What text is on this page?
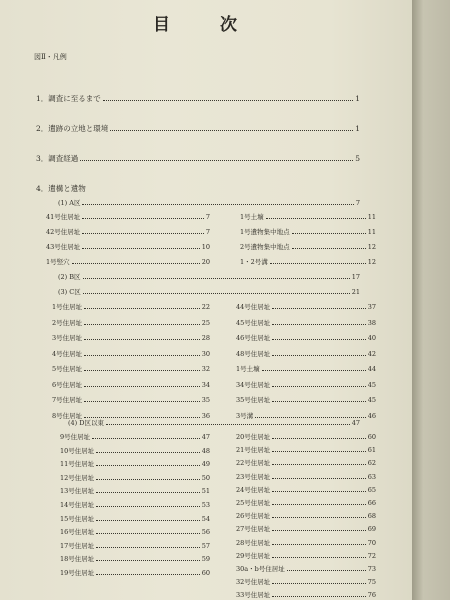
目 次
図Ⅱ・凡例
1．調査に至るまで	1
2．遺跡の立地と環境	1
3．調査経過	5
4．遺構と遺物
(1) A区	7
41号住居址	7
42号住居址	7
43号住居址	10
1号竪穴	20
1号土壙	11
1号遺物集中地点	11
2号遺物集中地点	12
1・2号溝	12
(2) B区	17
(3) C区	21
1号住居址	22
2号住居址	25
3号住居址	28
4号住居址	30
5号住居址	32
6号住居址	34
7号住居址	35
8号住居址	36
44号住居址	37
45号住居址	38
46号住居址	40
48号住居址	42
1号土壙	44
34号住居址	45
35号住居址	45
3号溝	46
(4) D区以東	47
9号住居址	47
10号住居址	48
11号住居址	49
12号住居址	50
13号住居址	51
14号住居址	53
15号住居址	54
16号住居址	56
17号住居址	57
18号住居址	59
19号住居址	60
20号住居址	60
21号住居址	61
22号住居址	62
23号住居址	63
24号住居址	65
25号住居址	66
26号住居址	68
27号住居址	69
28号住居址	70
29号住居址	72
30a・b号住居址	73
32号住居址	75
33号住居址	76
